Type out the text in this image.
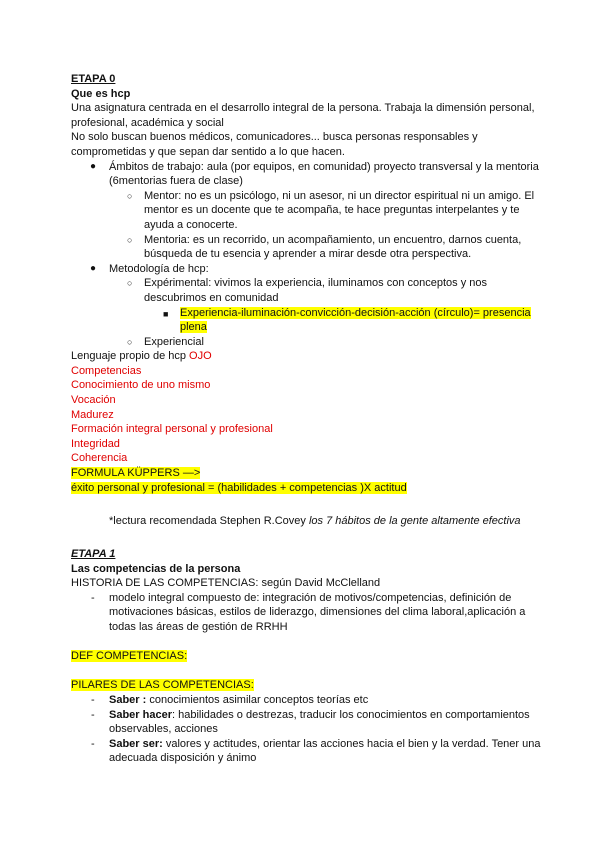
ETAPA 0

Que es hcp

Una asignatura centrada en el desarrollo integral de la persona. Trabaja la dimensión personal, profesional, académica y social

No solo buscan buenos médicos, comunicadores... busca personas responsables y comprometidas y que sepan dar sentido a lo que hacen.

● Ámbitos de trabajo: aula (por equipos, en comunidad) proyecto transversal y la mentoria (6mentorias fuera de clase)
○ Mentor: no es un psicólogo, ni un asesor, ni un director espiritual ni un amigo. El mentor es un docente que te acompaña, te hace preguntas interpelantes y te ayuda a conocerte.
○ Mentoria: es un recorrido, un acompañamiento, un encuentro, darnos cuenta, búsqueda de tu esencia y aprender a mirar desde otra perspectiva.
● Metodología de hcp:
○ Expérimental: vivimos la experiencia, iluminamos con conceptos y nos descubrimos en comunidad
■ Experiencia-iluminación-convicción-decisión-acción (círculo)= presencia plena
○ Experiencial

Lenguaje propio de hcp OJO

Competencias

Conocimiento de uno mismo

Vocación

Madurez

Formación integral personal y profesional

Integridad

Coherencia

FORMULA KÜPPERS —>

éxito personal y profesional = (habilidades + competencias )X actitud

*lectura recomendada Stephen R.Covey los 7 hábitos de la gente altamente efectiva

ETAPA 1

Las competencias de la persona

HISTORIA DE LAS COMPETENCIAS: según David McClelland

- modelo integral compuesto de: integración de motivos/competencias, definición de motivaciones básicas, estilos de liderazgo, dimensiones del clima laboral,aplicación a todas las áreas de gestión de RRHH

DEF COMPETENCIAS:

PILARES DE LAS COMPETENCIAS:

- Saber : conocimientos asimilar conceptos teorías etc
- Saber hacer: habilidades o destrezas, traducir los conocimientos en comportamientos observables, acciones
- Saber ser: valores y actitudes, orientar las acciones hacia el bien y la verdad. Tener una adecuada disposición y ánimo
